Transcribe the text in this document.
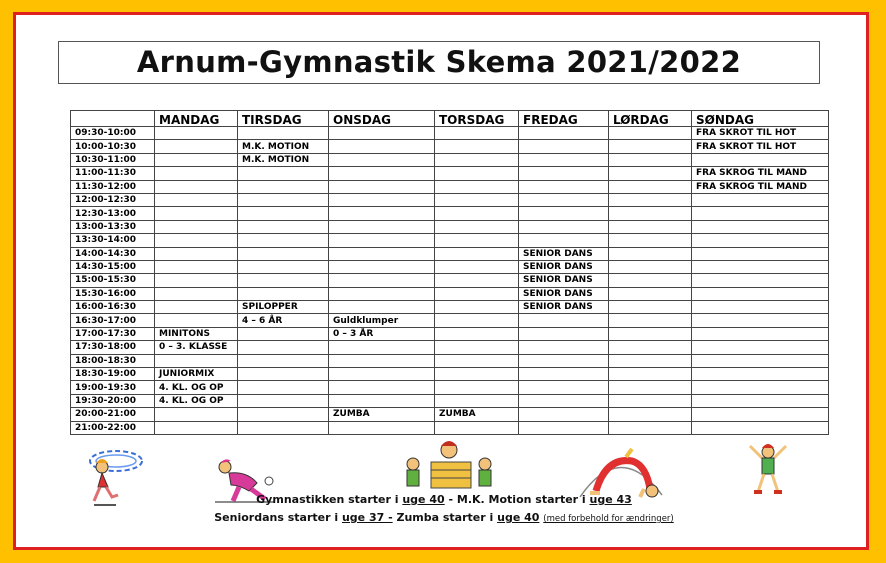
Arnum-Gymnastik Skema 2021/2022
	MANDAG	TIRSDAG	ONSDAG	TORSDAG	FREDAG	LØRDAG	SØNDAG
09:30-10:00							FRA SKROT TIL HOT
10:00-10:30		M.K. MOTION					FRA SKROT TIL HOT
10:30-11:00		M.K. MOTION					
11:00-11:30							FRA SKROG TIL MAND
11:30-12:00							FRA SKROG TIL MAND
12:00-12:30							
12:30-13:00							
13:00-13:30							
13:30-14:00							
14:00-14:30					SENIOR DANS		
14:30-15:00					SENIOR DANS		
15:00-15:30					SENIOR DANS		
15:30-16:00					SENIOR DANS		
16:00-16:30		SPILOPPER			SENIOR DANS		
16:30-17:00		4 – 6 ÅR	Guldklumper				
17:00-17:30	MINITONS		0 – 3 ÅR				
17:30-18:00	0 – 3. KLASSE						
18:00-18:30							
18:30-19:00	JUNIORMIX						
19:00-19:30	4. KL. OG OP						
19:30-20:00	4. KL. OG OP						
20:00-21:00			ZUMBA	ZUMBA			
21:00-22:00							
Gymnastikken starter i uge 40 - M.K. Motion starter i uge 43
Seniordans starter i uge 37 - Zumba starter i uge 40 (med forbehold for ændringer)
